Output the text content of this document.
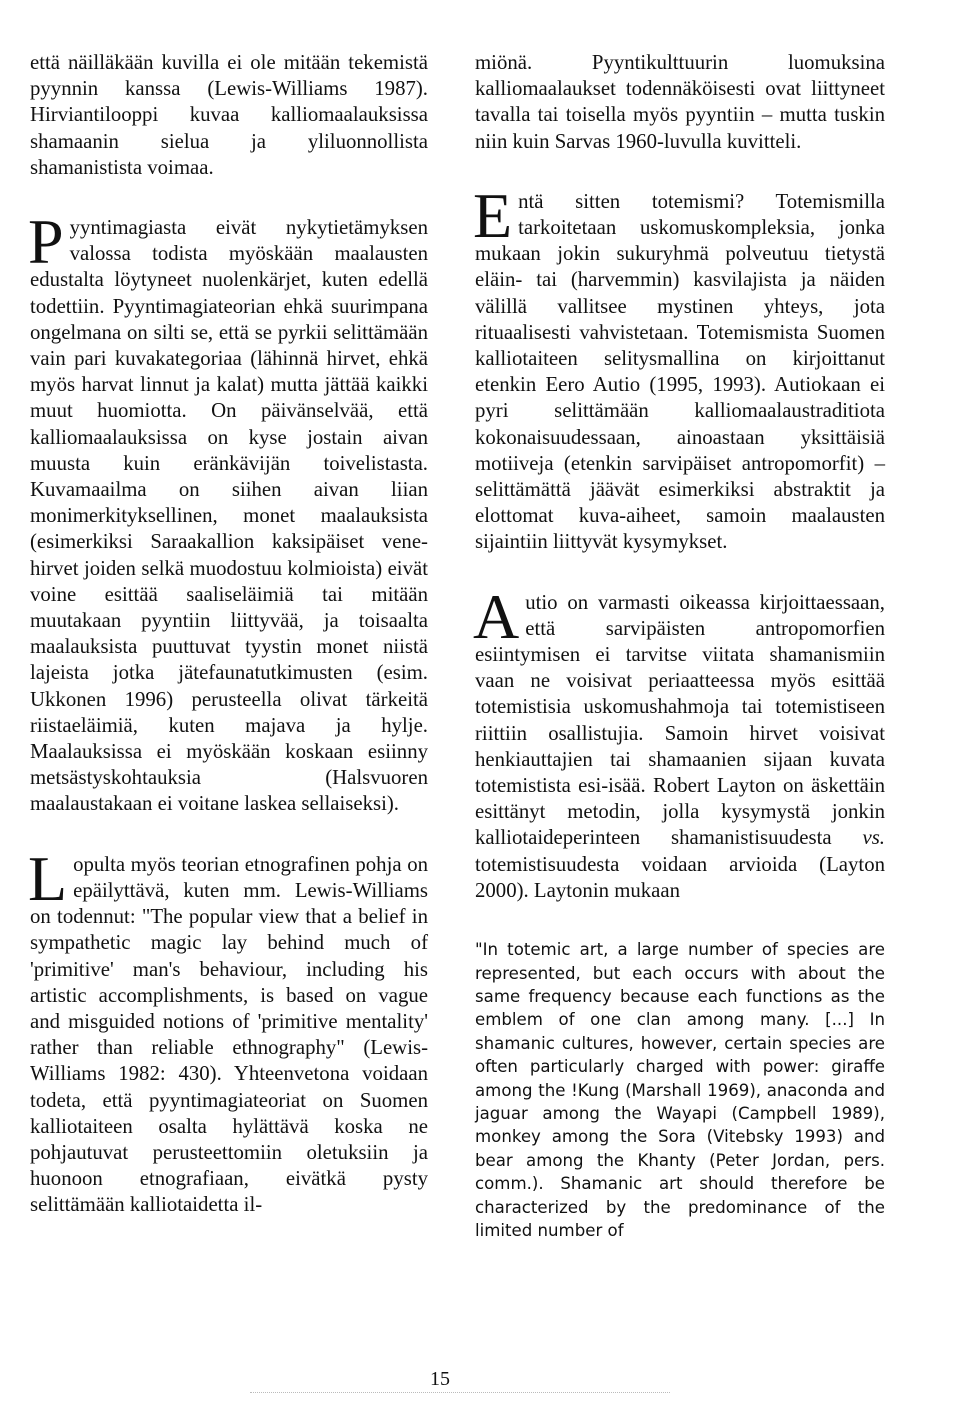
että näilläkään kuvilla ei ole mitään tekemistä pyynnin kanssa (Lewis-Williams 1987). Hirviantilooppi kuvaa kalliomaalauksissa shamaanin sielua ja yliluonnollista shamanistista voimaa.

Pyyntimagiasta eivät nykytietämyksen valossa todista myöskään maalausten edustalta löytyneet nuolenkärjet, kuten edellä todettiin. Pyyntimagiateorian ehkä suurimpana ongelmana on silti se, että se pyrkii selittämään vain pari kuvakategoriaa (lähinnä hirvet, ehkä myös harvat linnut ja kalat) mutta jättää kaikki muut huomiotta. On päivänselvää, että kalliomaalauksissa on kyse jostain aivan muusta kuin eränkävijän toivelistasta. Kuvamaailma on siihen aivan liian monimerkityksellinen, monet maalauksista (esimerkiksi Saraakallion kaksipäiset vene-hirvet joiden selkä muodostuu kolmioista) eivät voine esittää saaliseläimiä tai mitään muutakaan pyyntiin liittyvää, ja toisaalta maalauksista puuttuvat tyystin monet niistä lajeista jotka jätefaunatutkimusten (esim. Ukkonen 1996) perusteella olivat tärkeitä riistaeläimiä, kuten majava ja hylje. Maalauksissa ei myöskään koskaan esiinny metsästyskohtauksia (Halsvuoren maalaustakaan ei voitane laskea sellaiseksi).

Lopulta myös teorian etnografinen pohja on epäilyttävä, kuten mm. Lewis-Williams on todennut: "The popular view that a belief in sympathetic magic lay behind much of 'primitive' man's behaviour, including his artistic accomplishments, is based on vague and misguided notions of 'primitive mentality' rather than reliable ethnography" (Lewis-Williams 1982: 430). Yhteenvetona voidaan todeta, että pyyntimagiateoriat on Suomen kalliotaiteen osalta hylättävä koska ne pohjautuvat perusteettomiin oletuksiin ja huonoon etnografiaan, eivätkä pysty selittämään kalliotaidetta il-

miönä. Pyyntikulttuurin luomuksina kalliomaalaukset todennäköisesti ovat liittyneet tavalla tai toisella myös pyyntiin – mutta tuskin niin kuin Sarvas 1960-luvulla kuvitteli.

Entä sitten totemismi? Totemismilla tarkoitetaan uskomuskompleksia, jonka mukaan jokin sukuryhmä polveutuu tietystä eläin- tai (harvemmin) kasvilajista ja näiden välillä vallitsee mystinen yhteys, jota rituaalisesti vahvistetaan. Totemismista Suomen kalliotaiteen selitysmallina on kirjoittanut etenkin Eero Autio (1995, 1993). Autiokaan ei pyri selittämään kalliomaalaustraditiota kokonaisuudessaan, ainoastaan yksittäisiä motiiveja (etenkin sarvipäiset antropomorfit) – selittämättä jäävät esimerkiksi abstraktit ja elottomat kuva-aiheet, samoin maalausten sijaintiin liittyvät kysymykset.

Autio on varmasti oikeassa kirjoittaessaan, että sarvipäisten antropomorfien esiintymisen ei tarvitse viitata shamanismiin vaan ne voisivat periaatteessa myös esittää totemistisia uskomushahmoja tai totemistiseen riittiin osallistujia. Samoin hirvet voisivat henkiauttajien tai shamaanien sijaan kuvata totemistista esi-isää. Robert Layton on äskettäin esittänyt metodin, jolla kysymystä jonkin kalliotaideperinteen shamanistisuudesta vs. totemistisuudesta voidaan arvioida (Layton 2000). Laytonin mukaan

"In totemic art, a large number of species are represented, but each occurs with about the same frequency because each functions as the emblem of one clan among many. [...] In shamanic cultures, however, certain species are often particularly charged with power: giraffe among the !Kung (Marshall 1969), anaconda and jaguar among the Wayapi (Campbell 1989), monkey among the Sora (Vitebsky 1993) and bear among the Khanty (Peter Jordan, pers. comm.). Shamanic art should therefore be characterized by the predominance of the limited number of

15
